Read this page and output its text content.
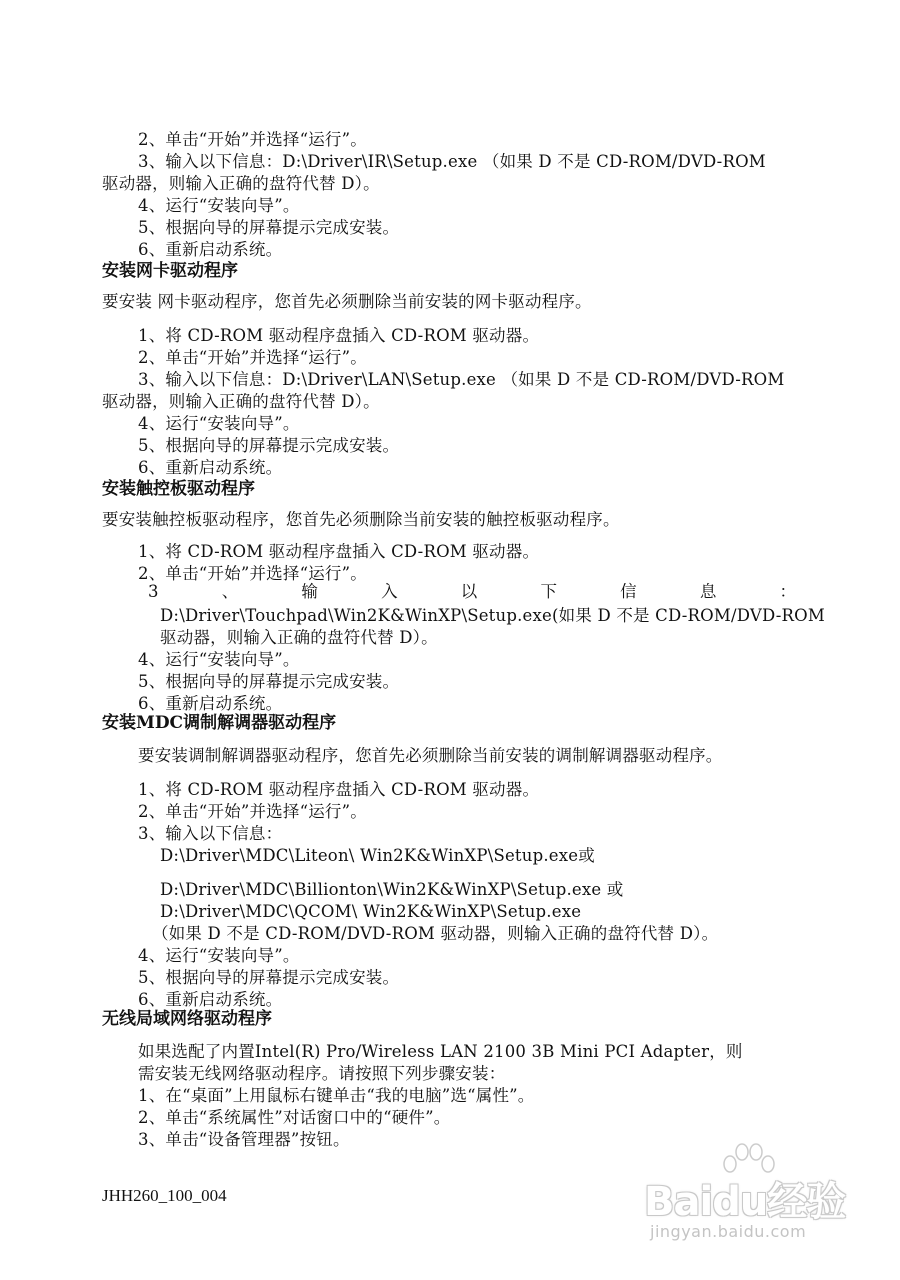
2、单击“开始”并选择“运行”。
3、输入以下信息：D:\Driver\IR\Setup.exe （如果 D 不是 CD-ROM/DVD-ROM
驱动器，则输入正确的盘符代替 D）。
4、运行“安装向导”。
5、根据向导的屏幕提示完成安装。
6、重新启动系统。
安装网卡驱动程序
要安装 网卡驱动程序，您首先必须删除当前安装的网卡驱动程序。
1、将 CD-ROM 驱动程序盘插入 CD-ROM 驱动器。
2、单击“开始”并选择“运行”。
3、输入以下信息：D:\Driver\LAN\Setup.exe （如果 D 不是 CD-ROM/DVD-ROM
驱动器，则输入正确的盘符代替 D）。
4、运行“安装向导”。
5、根据向导的屏幕提示完成安装。
6、重新启动系统。
安装触控板驱动程序
要安装触控板驱动程序，您首先必须删除当前安装的触控板驱动程序。
1、将 CD-ROM 驱动程序盘插入 CD-ROM 驱动器。
2、单击“开始”并选择“运行”。
3	、	输	入	以	下	信	息	：
D:\Driver\Touchpad\Win2K&WinXP\Setup.exe(如果 D 不是 CD-ROM/DVD-ROM
驱动器，则输入正确的盘符代替 D）。
4、运行“安装向导”。
5、根据向导的屏幕提示完成安装。
6、重新启动系统。
安装MDC调制解调器驱动程序
要安装调制解调器驱动程序，您首先必须删除当前安装的调制解调器驱动程序。
1、将 CD-ROM 驱动程序盘插入 CD-ROM 驱动器。
2、单击“开始”并选择“运行”。
3、输入以下信息：
D:\Driver\MDC\Liteon\ Win2K&WinXP\Setup.exe或
D:\Driver\MDC\Billionton\Win2K&WinXP\Setup.exe 或
D:\Driver\MDC\QCOM\ Win2K&WinXP\Setup.exe
（如果 D 不是 CD-ROM/DVD-ROM 驱动器，则输入正确的盘符代替 D）。
4、运行“安装向导”。
5、根据向导的屏幕提示完成安装。
6、重新启动系统。
无线局域网络驱动程序
如果选配了内置Intel(R) Pro/Wireless LAN 2100 3B Mini PCI Adapter，则
需安装无线网络驱动程序。请按照下列步骤安装：
1、在“桌面”上用鼠标右键单击“我的电脑”选“属性”。
2、单击“系统属性”对话窗口中的“硬件”。
3、单击“设备管理器”按钮。
JHH260_100_004	Baidu经验
jingyan.baidu.com
